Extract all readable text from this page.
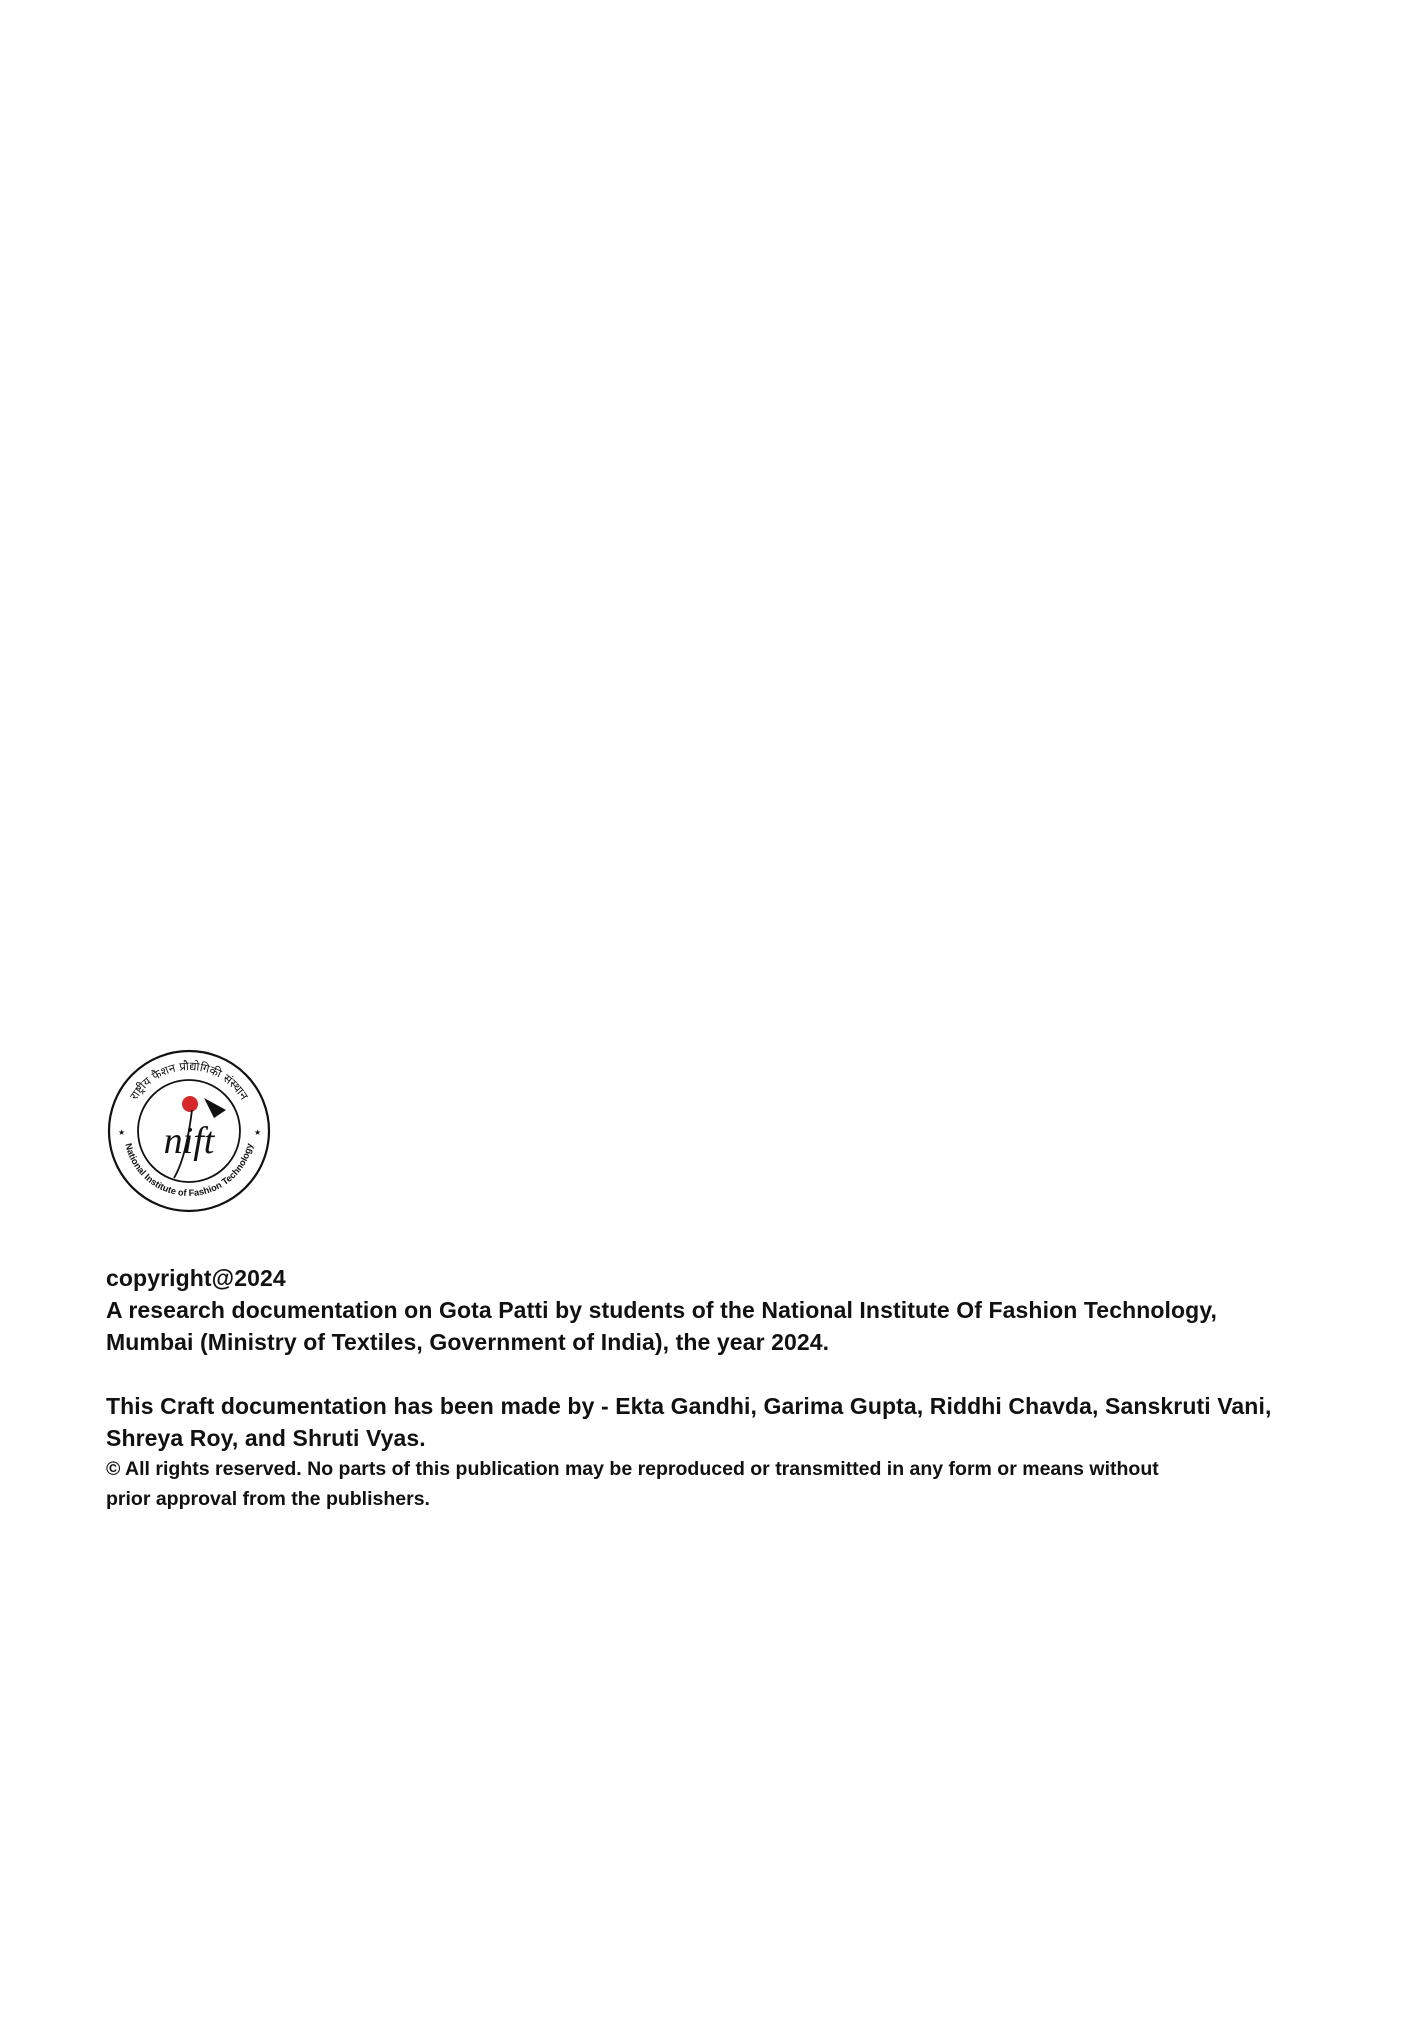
राष्ट्रीय फैशन प्रौद्योगिकी संस्थान
National Institute of Fashion Technology
★	★
nift

copyright@2024

A research documentation on Gota Patti by students of the National Institute Of Fashion Technology,

Mumbai (Ministry of Textiles, Government of India), the year 2024.

This Craft documentation has been made by - Ekta Gandhi, Garima Gupta, Riddhi Chavda, Sanskruti Vani,

Shreya Roy, and Shruti Vyas.

© All rights reserved. No parts of this publication may be reproduced or transmitted in any form or means without

prior approval from the publishers.
